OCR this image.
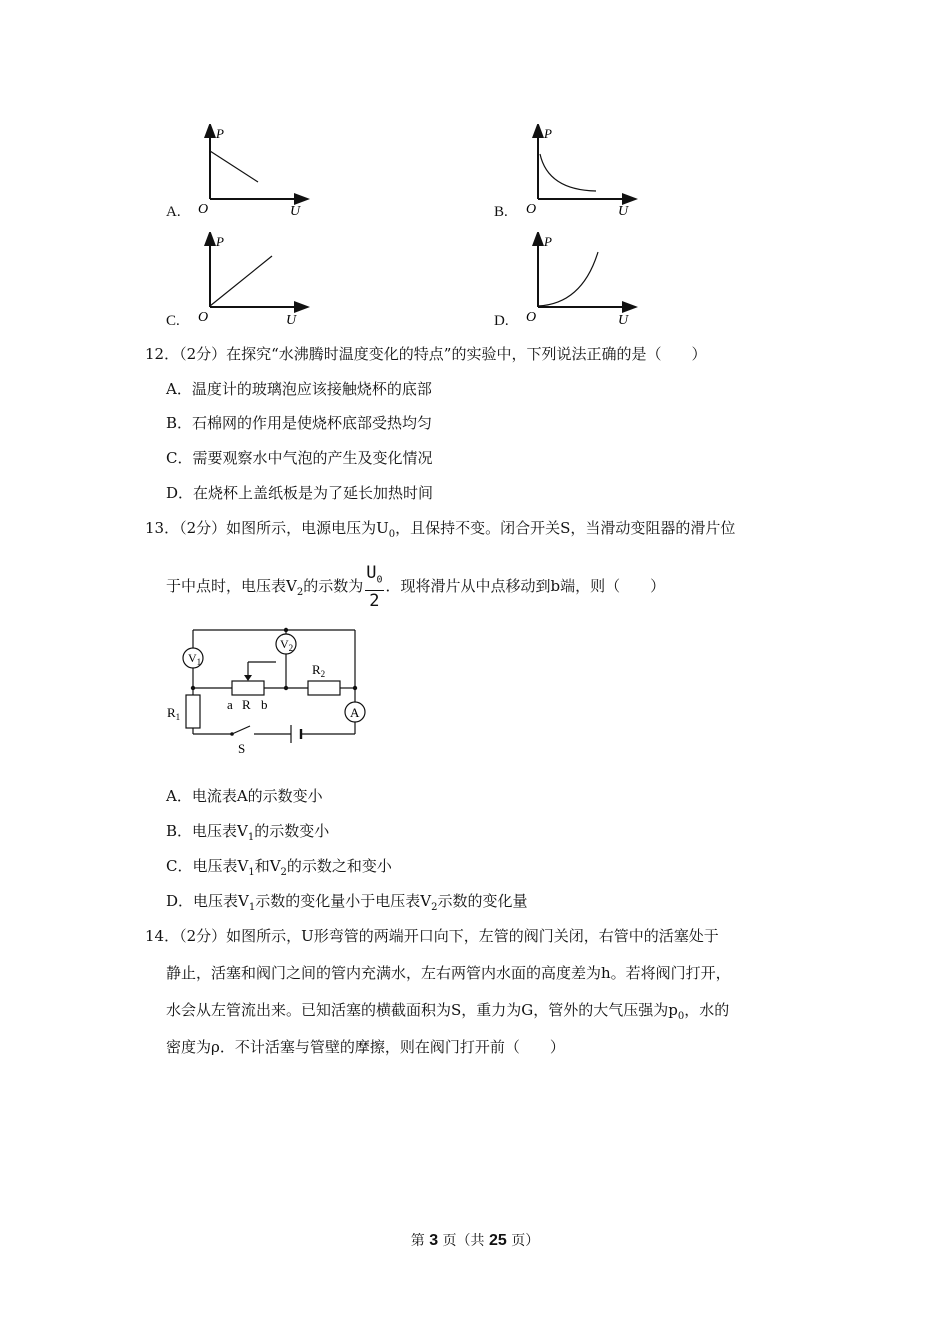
A.
P
O	U	B.
P
O	U
C.
P
O	U	D.
P
O	U
12．（2分）在探究“水沸腾时温度变化的特点”的实验中，下列说法正确的是（　　）
A．温度计的玻璃泡应该接触烧杯的底部
B．石棉网的作用是使烧杯底部受热均匀
C．需要观察水中气泡的产生及变化情况
D．在烧杯上盖纸板是为了延长加热时间
13．（2分）如图所示，电源电压为$U_0$，且保持不变。闭合开关S，当滑动变阻器的滑片位
于中点时，电压表$V_2$的示数为 $\frac{U_0}{2}$ ．现将滑片从中点移动到b端，则（　　）
$V_1$
$V_2$
$R_1$
$R_2$
R
a b
A
S
A．电流表A的示数变小
B．电压表$V_1$的示数变小
C．电压表$V_1$和$V_2$的示数之和变小
D．电压表$V_1$示数的变化量小于电压表$V_2$示数的变化量
14．（2分）如图所示，U形弯管的两端开口向下，左管的阀门关闭，右管中的活塞处于
静止，活塞和阀门之间的管内充满水，左右两管内水面的高度差为h。若将阀门打开，
水会从左管流出来。已知活塞的横截面积为S，重力为G，管外的大气压强为$p_0$，水的
密度为ρ．不计活塞与管壁的摩擦，则在阀门打开前（　　）
第 3 页（共 25 页）
